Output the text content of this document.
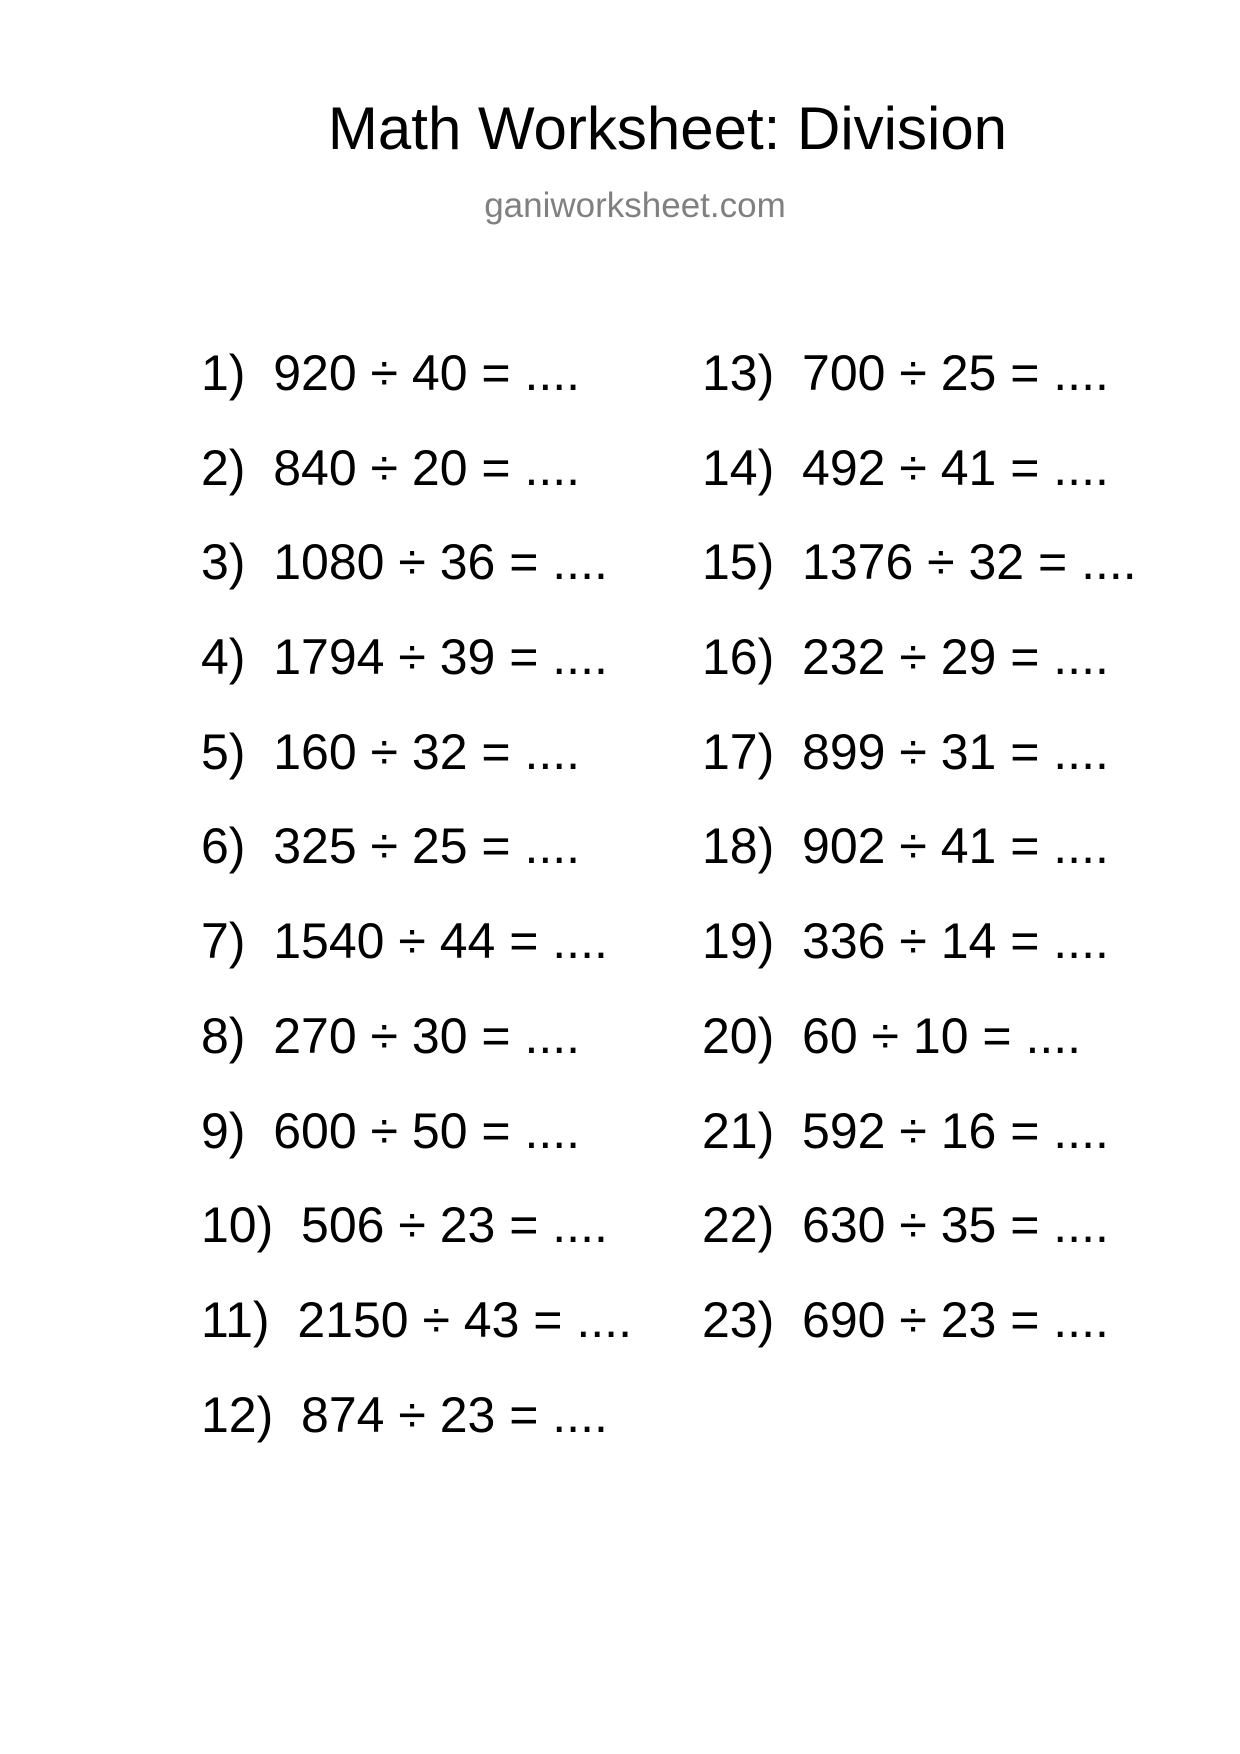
Math Worksheet: Division
ganiworksheet.com
1)  920 ÷ 40 = ....
2)  840 ÷ 20 = ....
3)  1080 ÷ 36 = ....
4)  1794 ÷ 39 = ....
5)  160 ÷ 32 = ....
6)  325 ÷ 25 = ....
7)  1540 ÷ 44 = ....
8)  270 ÷ 30 = ....
9)  600 ÷ 50 = ....
10)  506 ÷ 23 = ....
11)  2150 ÷ 43 = ....
12)  874 ÷ 23 = ....
13)  700 ÷ 25 = ....
14)  492 ÷ 41 = ....
15)  1376 ÷ 32 = ....
16)  232 ÷ 29 = ....
17)  899 ÷ 31 = ....
18)  902 ÷ 41 = ....
19)  336 ÷ 14 = ....
20)  60 ÷ 10 = ....
21)  592 ÷ 16 = ....
22)  630 ÷ 35 = ....
23)  690 ÷ 23 = ....
